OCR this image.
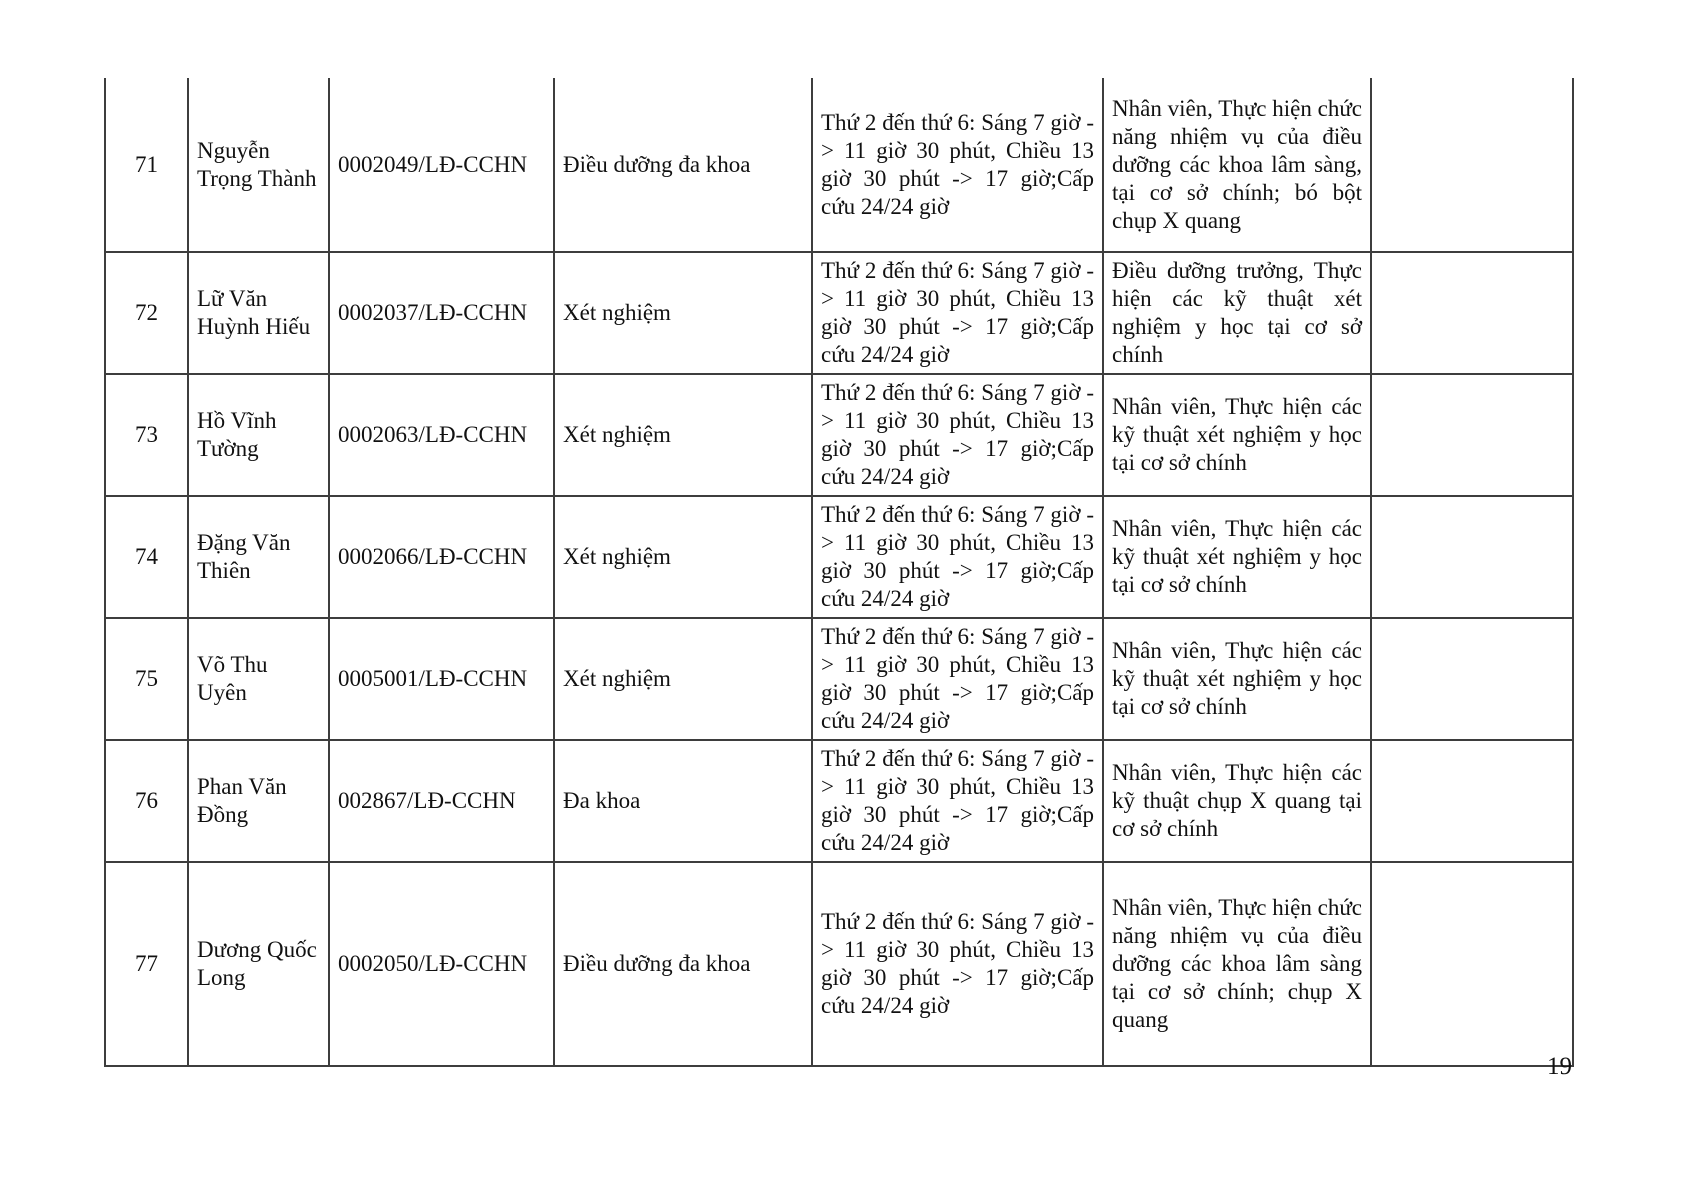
71	Nguyễn Trọng Thành	0002049/LĐ-CCHN	Điều dưỡng đa khoa	Thứ 2 đến thứ 6: Sáng 7 giờ -> 11 giờ 30 phút, Chiều 13 giờ 30 phút -> 17 giờ;Cấp cứu 24/24 giờ	Nhân viên, Thực hiện chức năng nhiệm vụ của điều dưỡng các khoa lâm sàng, tại cơ sở chính; bó bột chụp X quang	
72	Lữ Văn Huỳnh Hiếu	0002037/LĐ-CCHN	Xét nghiệm	Thứ 2 đến thứ 6: Sáng 7 giờ -> 11 giờ 30 phút, Chiều 13 giờ 30 phút -> 17 giờ;Cấp cứu 24/24 giờ	Điều dưỡng trưởng, Thực hiện các kỹ thuật xét nghiệm y học tại cơ sở chính	
73	Hồ Vĩnh Tường	0002063/LĐ-CCHN	Xét nghiệm	Thứ 2 đến thứ 6: Sáng 7 giờ -> 11 giờ 30 phút, Chiều 13 giờ 30 phút -> 17 giờ;Cấp cứu 24/24 giờ	Nhân viên, Thực hiện các kỹ thuật xét nghiệm y học tại cơ sở chính	
74	Đặng Văn Thiên	0002066/LĐ-CCHN	Xét nghiệm	Thứ 2 đến thứ 6: Sáng 7 giờ -> 11 giờ 30 phút, Chiều 13 giờ 30 phút -> 17 giờ;Cấp cứu 24/24 giờ	Nhân viên, Thực hiện các kỹ thuật xét nghiệm y học tại cơ sở chính	
75	Võ Thu Uyên	0005001/LĐ-CCHN	Xét nghiệm	Thứ 2 đến thứ 6: Sáng 7 giờ -> 11 giờ 30 phút, Chiều 13 giờ 30 phút -> 17 giờ;Cấp cứu 24/24 giờ	Nhân viên, Thực hiện các kỹ thuật xét nghiệm y học tại cơ sở chính	
76	Phan Văn Đồng	002867/LĐ-CCHN	Đa khoa	Thứ 2 đến thứ 6: Sáng 7 giờ -> 11 giờ 30 phút, Chiều 13 giờ 30 phút -> 17 giờ;Cấp cứu 24/24 giờ	Nhân viên, Thực hiện các kỹ thuật chụp X quang tại cơ sở chính	
77	Dương Quốc Long	0002050/LĐ-CCHN	Điều dưỡng đa khoa	Thứ 2 đến thứ 6: Sáng 7 giờ -> 11 giờ 30 phút, Chiều 13 giờ 30 phút -> 17 giờ;Cấp cứu 24/24 giờ	Nhân viên, Thực hiện chức năng nhiệm vụ của điều dưỡng các khoa lâm sàng tại cơ sở chính; chụp X quang	
19
